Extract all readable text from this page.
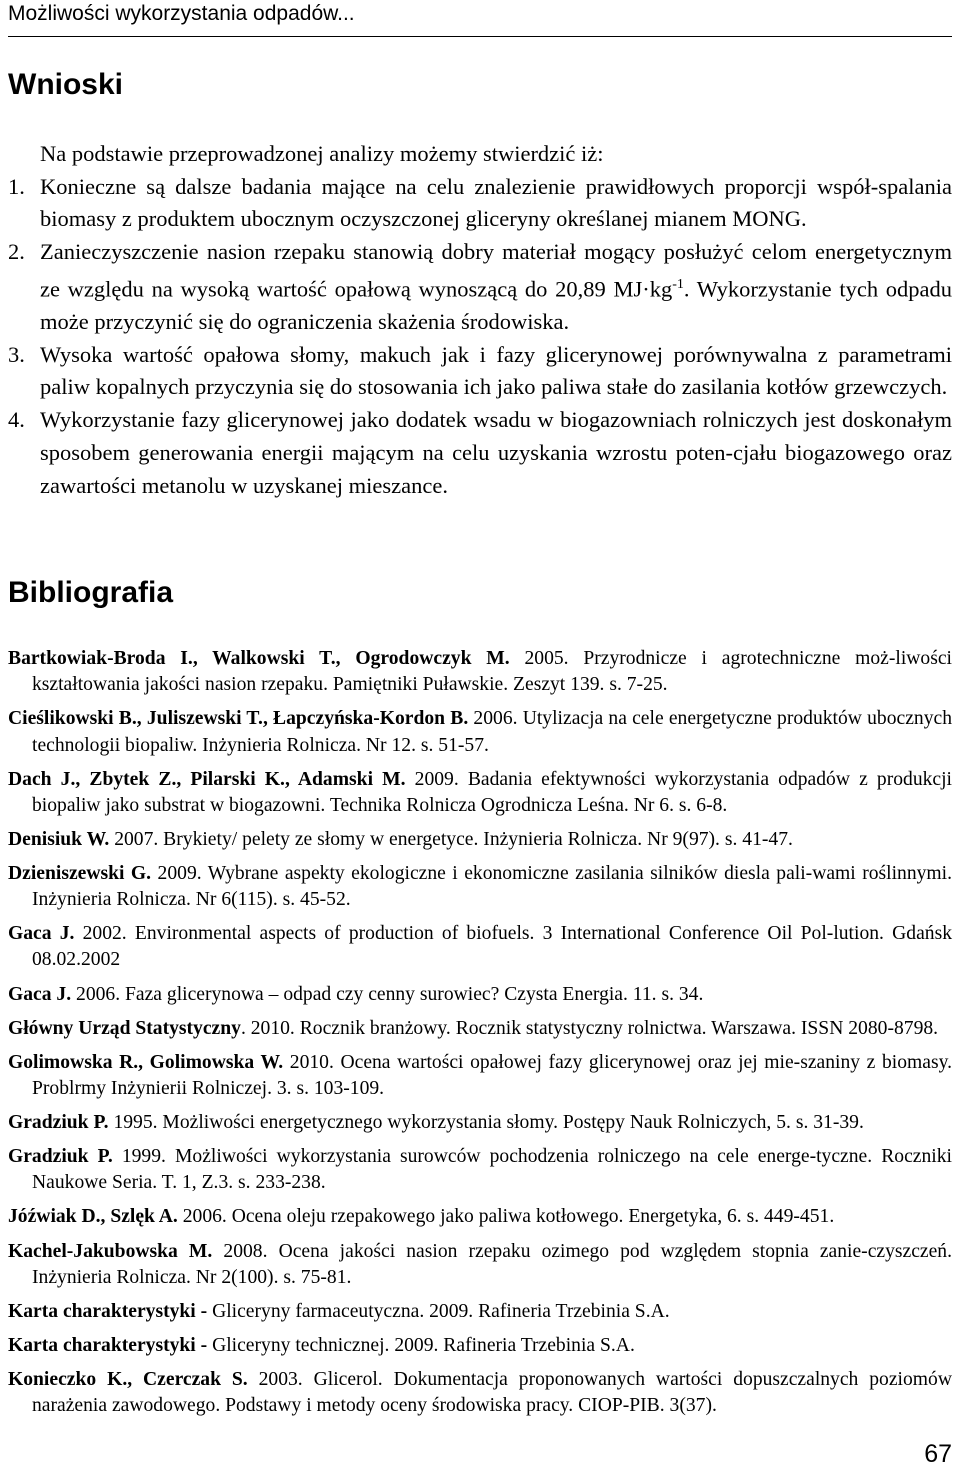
Możliwości wykorzystania odpadów...
Wnioski

Na podstawie przeprowadzonej analizy możemy stwierdzić iż:

1. Konieczne są dalsze badania mające na celu znalezienie prawidłowych proporcji współ-spalania biomasy z produktem ubocznym oczyszczonej gliceryny określanej mianem MONG.

2. Zanieczyszczenie nasion rzepaku stanowią dobry materiał mogący posłużyć celom energetycznym ze względu na wysoką wartość opałową wynoszącą do 20,89 $MJ\cdot kg^{-1}$. Wykorzystanie tych odpadu może przyczynić się do ograniczenia skażenia środowiska.

3. Wysoka wartość opałowa słomy, makuch jak i fazy glicerynowej porównywalna z parametrami paliw kopalnych przyczynia się do stosowania ich jako paliwa stałe do zasilania kotłów grzewczych.

4. Wykorzystanie fazy glicerynowej jako dodatek wsadu w biogazowniach rolniczych jest doskonałym sposobem generowania energii mającym na celu uzyskania wzrostu poten-cjału biogazowego oraz zawartości metanolu w uzyskanej mieszance.

Bibliografia

Bartkowiak-Broda I., Walkowski T., Ogrodowczyk M. 2005. Przyrodnicze i agrotechniczne moż-liwości kształtowania jakości nasion rzepaku. Pamiętniki Puławskie. Zeszyt 139. s. 7-25.

Cieślikowski B., Juliszewski T., Łapczyńska-Kordon B. 2006. Utylizacja na cele energetyczne produktów ubocznych technologii biopaliw. Inżynieria Rolnicza. Nr 12. s. 51-57.

Dach J., Zbytek Z., Pilarski K., Adamski M. 2009. Badania efektywności wykorzystania odpadów z produkcji biopaliw jako substrat w biogazowni. Technika Rolnicza Ogrodnicza Leśna. Nr 6. s. 6-8.

Denisiuk W. 2007. Brykiety/ pelety ze słomy w energetyce. Inżynieria Rolnicza. Nr 9(97). s. 41-47.

Dzieniszewski G. 2009. Wybrane aspekty ekologiczne i ekonomiczne zasilania silników diesla pali-wami roślinnymi. Inżynieria Rolnicza. Nr 6(115). s. 45-52.

Gaca J. 2002. Environmental aspects of production of biofuels. 3 International Conference Oil Pol-lution. Gdańsk 08.02.2002

Gaca J. 2006. Faza glicerynowa – odpad czy cenny surowiec? Czysta Energia. 11. s. 34.

Główny Urząd Statystyczny. 2010. Rocznik branżowy. Rocznik statystyczny rolnictwa. Warszawa. ISSN 2080-8798.

Golimowska R., Golimowska W. 2010. Ocena wartości opałowej fazy glicerynowej oraz jej mie-szaniny z biomasy. Problrmy Inżynierii Rolniczej. 3. s. 103-109.

Gradziuk P. 1995. Możliwości energetycznego wykorzystania słomy. Postępy Nauk Rolniczych, 5. s. 31-39.

Gradziuk P. 1999. Możliwości wykorzystania surowców pochodzenia rolniczego na cele energe-tyczne. Roczniki Naukowe Seria. T. 1, Z.3. s. 233-238.

Jóźwiak D., Szlęk A. 2006. Ocena oleju rzepakowego jako paliwa kotłowego. Energetyka, 6. s. 449-451.

Kachel-Jakubowska M. 2008. Ocena jakości nasion rzepaku ozimego pod względem stopnia zanie-czyszczeń. Inżynieria Rolnicza. Nr 2(100). s. 75-81.

Karta charakterystyki - Gliceryny farmaceutyczna. 2009. Rafineria Trzebinia S.A.

Karta charakterystyki - Gliceryny technicznej. 2009. Rafineria Trzebinia S.A.

Konieczko K., Czerczak S. 2003. Glicerol. Dokumentacja proponowanych wartości dopuszczalnych poziomów narażenia zawodowego. Podstawy i metody oceny środowiska pracy. CIOP-PIB. 3(37).

67
